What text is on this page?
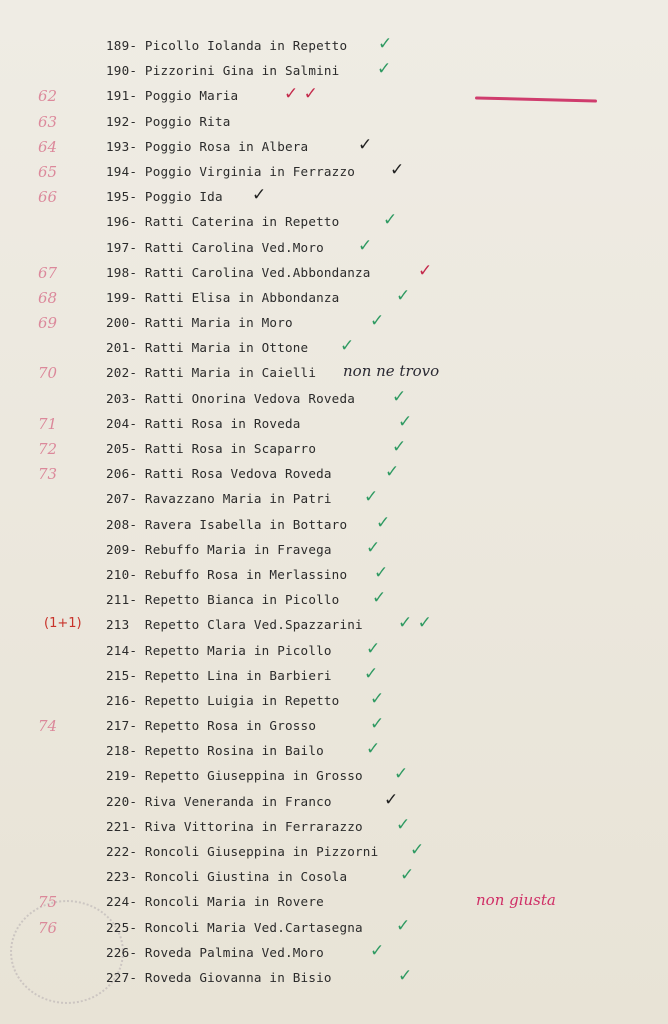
189- Picollo Iolanda in Repetto ✓
190- Pizzorini Gina in Salmini ✓
62	191- Poggio Maria	✓ ✓
63	192- Poggio Rita
64	193- Poggio Rosa in Albera	✓
65	194- Poggio Virginia in Ferrazzo ✓
66	195- Poggio Ida ✓
196- Ratti Caterina in Repetto	✓
197- Ratti Carolina Ved.Moro ✓
67	198- Ratti Carolina Ved.Abbondanza	✓
68	199- Ratti Elisa in Abbondanza	✓
69	200- Ratti Maria in Moro	✓
201- Ratti Maria in Ottone ✓
70	202- Ratti Maria in Caielli non ne trovo
203- Ratti Onorina Vedova Roveda ✓
71	204- Ratti Rosa in Roveda	✓
72	205- Ratti Rosa in Scaparro	✓
73	206- Ratti Rosa Vedova Roveda	✓
207- Ravazzano Maria in Patri ✓
208- Ravera Isabella in Bottaro ✓
209- Rebuffo Maria in Fravega ✓
210- Rebuffo Rosa in Merlassino ✓
211- Repetto Bianca in Picollo ✓
(1+1) 213  Repetto Clara Ved.Spazzarini ✓ ✓
214- Repetto Maria in Picollo ✓
215- Repetto Lina in Barbieri ✓
216- Repetto Luigia in Repetto ✓
74	217- Repetto Rosa in Grosso	✓
218- Repetto Rosina in Bailo ✓
219- Repetto Giuseppina in Grosso ✓
220- Riva Veneranda in Franco	✓
221- Riva Vittorina in Ferrarazzo ✓
222- Roncoli Giuseppina in Pizzorni ✓
223- Roncoli Giustina in Cosola	✓
75	224- Roncoli Maria in Rovere	non giusta
76	225- Roncoli Maria Ved.Cartasegna ✓
226- Roveda Palmina Ved.Moro	✓
227- Roveda Giovanna in Bisio	✓
